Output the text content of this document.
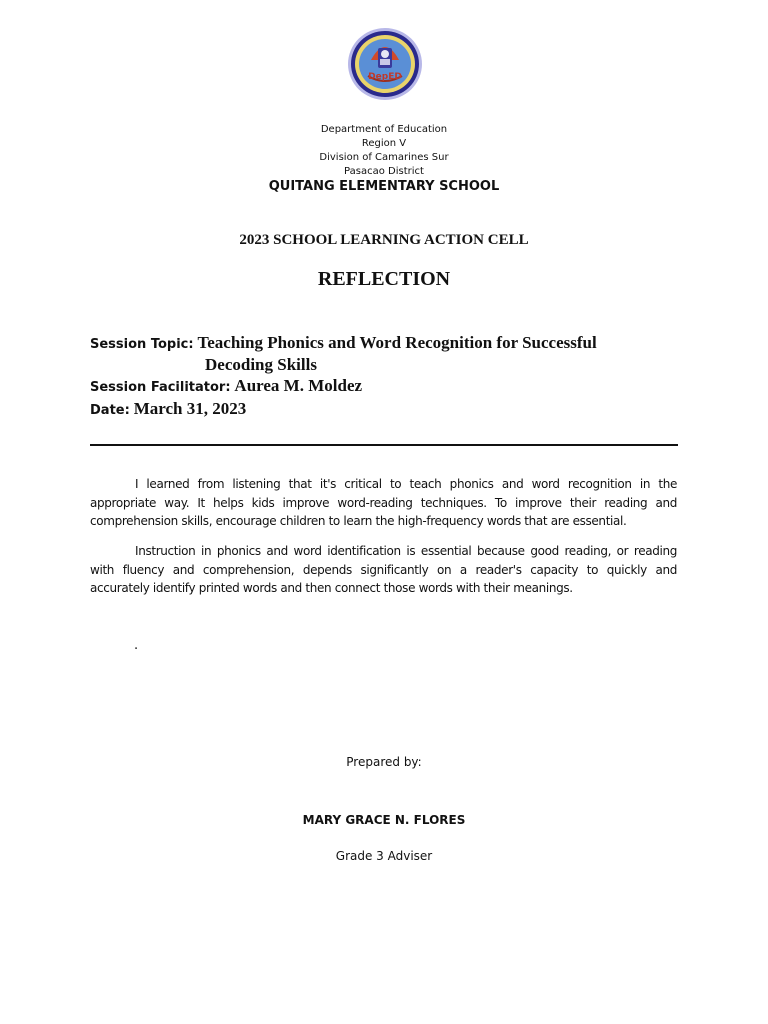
DepED
Department of Education
Region V
Division of Camarines Sur
Pasacao District
QUITANG ELEMENTARY SCHOOL
2023 SCHOOL LEARNING ACTION CELL
REFLECTION
Session Topic: Teaching Phonics and Word Recognition for Successful
Decoding Skills
Session Facilitator: Aurea M. Moldez
Date: March 31, 2023

I learned from listening that it's critical to teach phonics and word recognition in the appropriate way. It helps kids improve word-reading techniques. To improve their reading and comprehension skills, encourage children to learn the high-frequency words that are essential.

Instruction in phonics and word identification is essential because good reading, or reading with fluency and comprehension, depends significantly on a reader's capacity to quickly and accurately identify printed words and then connect those words with their meanings.

.
Prepared by:
MARY GRACE N. FLORES
Grade 3 Adviser
